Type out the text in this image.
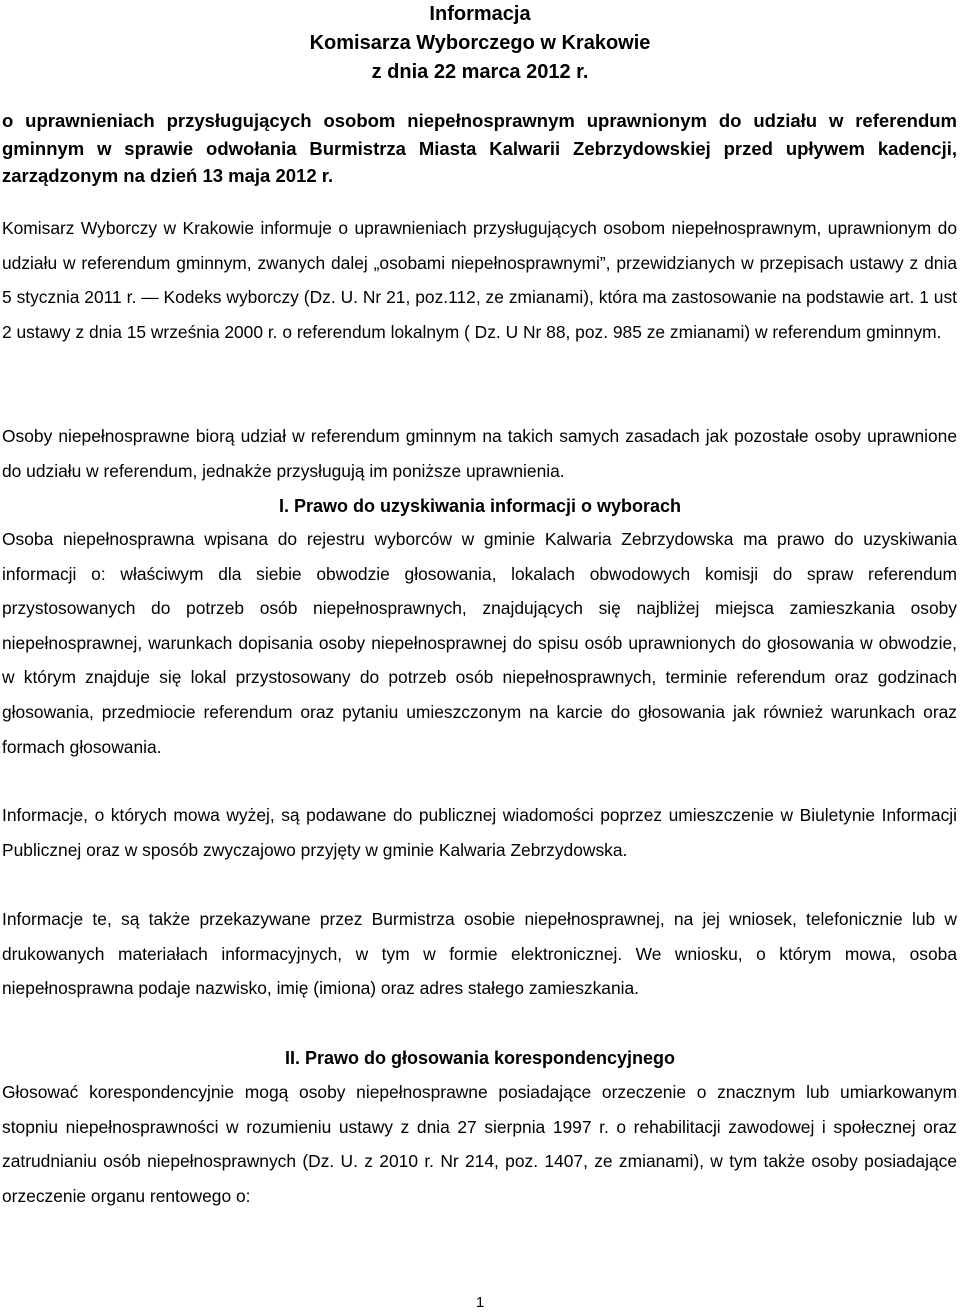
Informacja
Komisarza Wyborczego w Krakowie
z dnia 22 marca 2012 r.
o uprawnieniach przysługujących osobom niepełnosprawnym uprawnionym do udziału w referendum gminnym w sprawie odwołania Burmistrza Miasta Kalwarii Zebrzydowskiej przed upływem kadencji, zarządzonym na dzień 13 maja 2012 r.
Komisarz Wyborczy w Krakowie informuje o uprawnieniach przysługujących osobom niepełnosprawnym, uprawnionym do udziału w referendum gminnym, zwanych dalej „osobami niepełnosprawnymi”, przewidzianych w przepisach ustawy z dnia 5 stycznia 2011 r. — Kodeks wyborczy (Dz. U. Nr 21, poz.112, ze zmianami), która ma zastosowanie na podstawie art. 1 ust 2 ustawy z dnia 15 września 2000 r. o referendum lokalnym ( Dz. U Nr 88, poz. 985 ze zmianami) w referendum gminnym.
Osoby niepełnosprawne biorą udział w referendum gminnym na takich samych zasadach jak pozostałe osoby uprawnione do udziału w referendum, jednakże przysługują im poniższe uprawnienia.
I. Prawo do uzyskiwania informacji o wyborach
Osoba niepełnosprawna wpisana do rejestru wyborców w gminie Kalwaria Zebrzydowska ma prawo do uzyskiwania informacji o: właściwym dla siebie obwodzie głosowania, lokalach obwodowych komisji do spraw referendum przystosowanych do potrzeb osób niepełnosprawnych, znajdujących się najbliżej miejsca zamieszkania osoby niepełnosprawnej, warunkach dopisania osoby niepełnosprawnej do spisu osób uprawnionych do głosowania w obwodzie, w którym znajduje się lokal przystosowany do potrzeb osób niepełnosprawnych, terminie referendum oraz godzinach głosowania, przedmiocie referendum oraz pytaniu umieszczonym na karcie do głosowania jak również warunkach oraz formach głosowania.
Informacje, o których mowa wyżej, są podawane do publicznej wiadomości poprzez umieszczenie w Biuletynie Informacji Publicznej oraz w sposób zwyczajowo przyjęty w gminie Kalwaria Zebrzydowska.
Informacje te, są także przekazywane przez Burmistrza osobie niepełnosprawnej, na jej wniosek, telefonicznie lub w drukowanych materiałach informacyjnych, w tym w formie elektronicznej. We wniosku, o którym mowa, osoba niepełnosprawna podaje nazwisko, imię (imiona) oraz adres stałego zamieszkania.
II. Prawo do głosowania korespondencyjnego
Głosować korespondencyjnie mogą osoby niepełnosprawne posiadające orzeczenie o znacznym lub umiarkowanym stopniu niepełnosprawności w rozumieniu ustawy z dnia 27 sierpnia 1997 r. o rehabilitacji zawodowej i społecznej oraz zatrudnianiu osób niepełnosprawnych (Dz. U. z 2010 r. Nr 214, poz. 1407, ze zmianami), w tym także osoby posiadające orzeczenie organu rentowego o:
1
